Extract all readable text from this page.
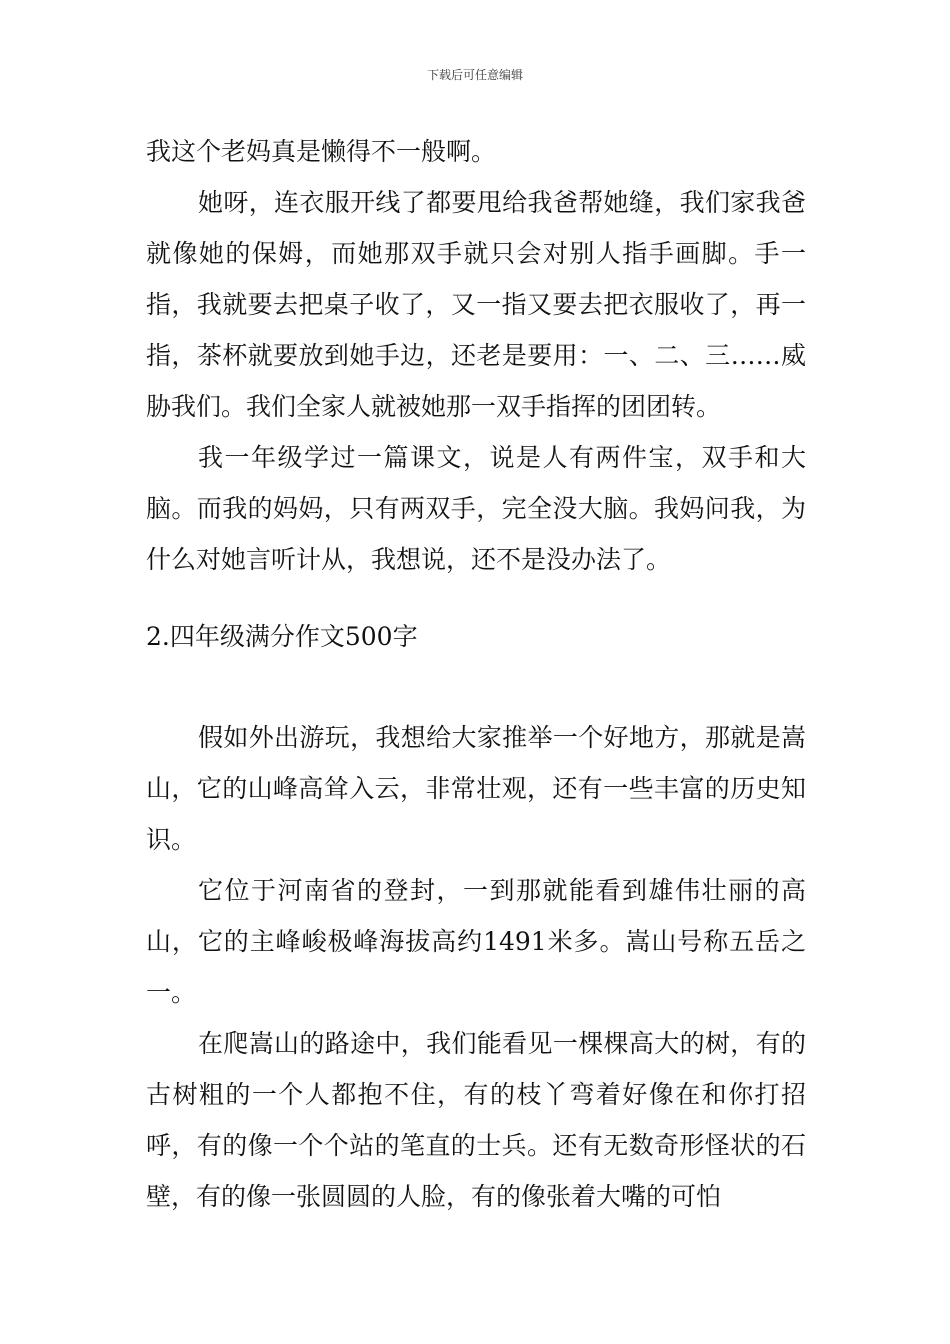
下载后可任意编辑

我这个老妈真是懒得不一般啊。

她呀，连衣服开线了都要甩给我爸帮她缝，我们家我爸就像她的保姆，而她那双手就只会对别人指手画脚。手一指，我就要去把桌子收了，又一指又要去把衣服收了，再一指，茶杯就要放到她手边，还老是要用：一、二、三……威胁我们。我们全家人就被她那一双手指挥的团团转。

我一年级学过一篇课文，说是人有两件宝，双手和大脑。而我的妈妈，只有两双手，完全没大脑。我妈问我，为什么对她言听计从，我想说，还不是没办法了。

2.四年级满分作文500字

假如外出游玩，我想给大家推举一个好地方，那就是嵩山，它的山峰高耸入云，非常壮观，还有一些丰富的历史知识。

它位于河南省的登封，一到那就能看到雄伟壮丽的高山，它的主峰峻极峰海拔高约1491米多。嵩山号称五岳之一。

在爬嵩山的路途中，我们能看见一棵棵高大的树，有的古树粗的一个人都抱不住，有的枝丫弯着好像在和你打招呼，有的像一个个站的笔直的士兵。还有无数奇形怪状的石壁，有的像一张圆圆的人脸，有的像张着大嘴的可怕
